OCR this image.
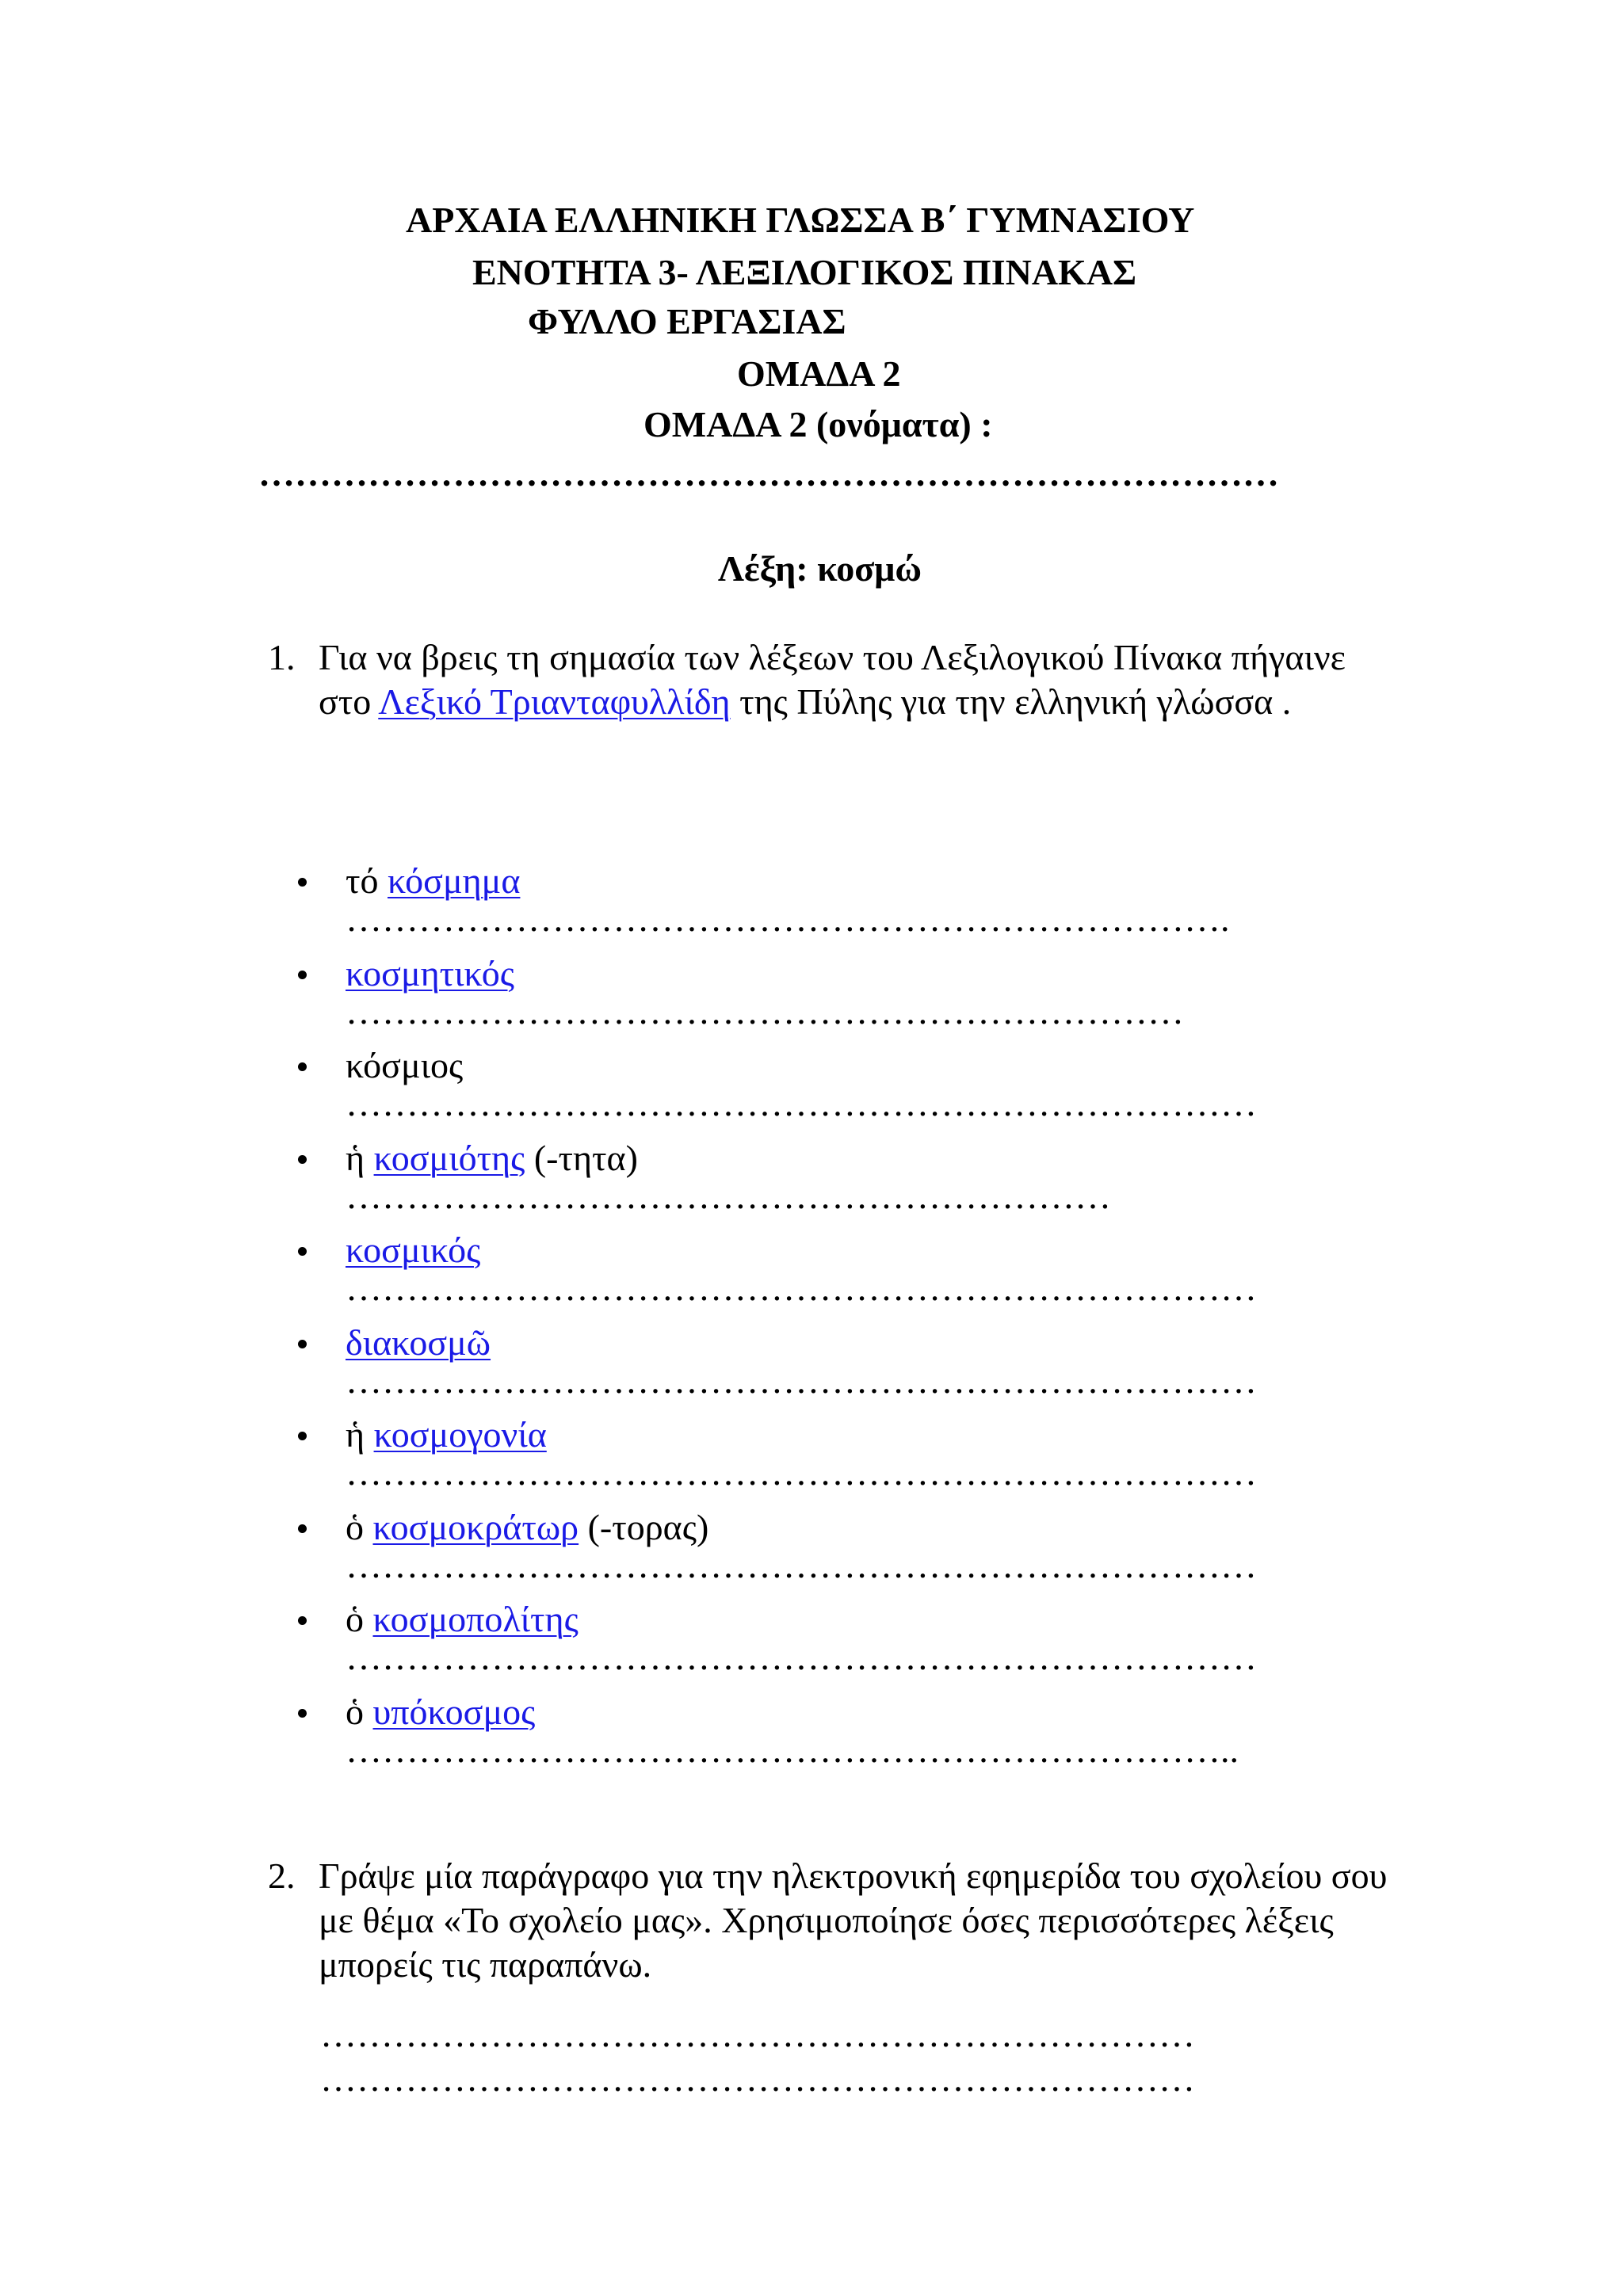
ΑΡΧΑΙΑ ΕΛΛΗΝΙΚΗ ΓΛΩΣΣΑ Β΄ ΓΥΜΝΑΣΙΟΥ
ΕΝΟΤΗΤΑ 3- ΛΕΞΙΛΟΓΙΚΟΣ ΠΙΝΑΚΑΣ
ΦΥΛΛΟ ΕΡΓΑΣΙΑΣ
ΟΜΑΔΑ 2
ΟΜΑΔΑ 2 (ονόματα) :
…………………………………………………………………………
Λέξη: κοσμώ
1. Για να βρεις τη σημασία των λέξεων του Λεξιλογικού Πίνακα πήγαινε στο Λεξικό Τριανταφυλλίδη της Πύλης για την ελληνική γλώσσα .
τό κόσμημα
……………………………………………………………….
κοσμητικός
……………………………………………………………
κόσμιος
…………………………………………………………………
ἡ κοσμιότης (-τητα)
………………………………………………………
κοσμικός
…………………………………………………………………
διακοσμῶ
…………………………………………………………………
ἡ κοσμογονία
…………………………………………………………………
ὁ κοσμοκράτωρ (-τορας)
…………………………………………………………………
ὁ κοσμοπολίτης
…………………………………………………………………
ὁ υπόκοσμος
………………………………………………………………..
2. Γράψε μία παράγραφο για την ηλεκτρονική εφημερίδα του σχολείου σου με θέμα «Το σχολείο μας». Χρησιμοποίησε όσες περισσότερες λέξεις μπορείς τις παραπάνω.
………………………………………………………………
………………………………………………………………
